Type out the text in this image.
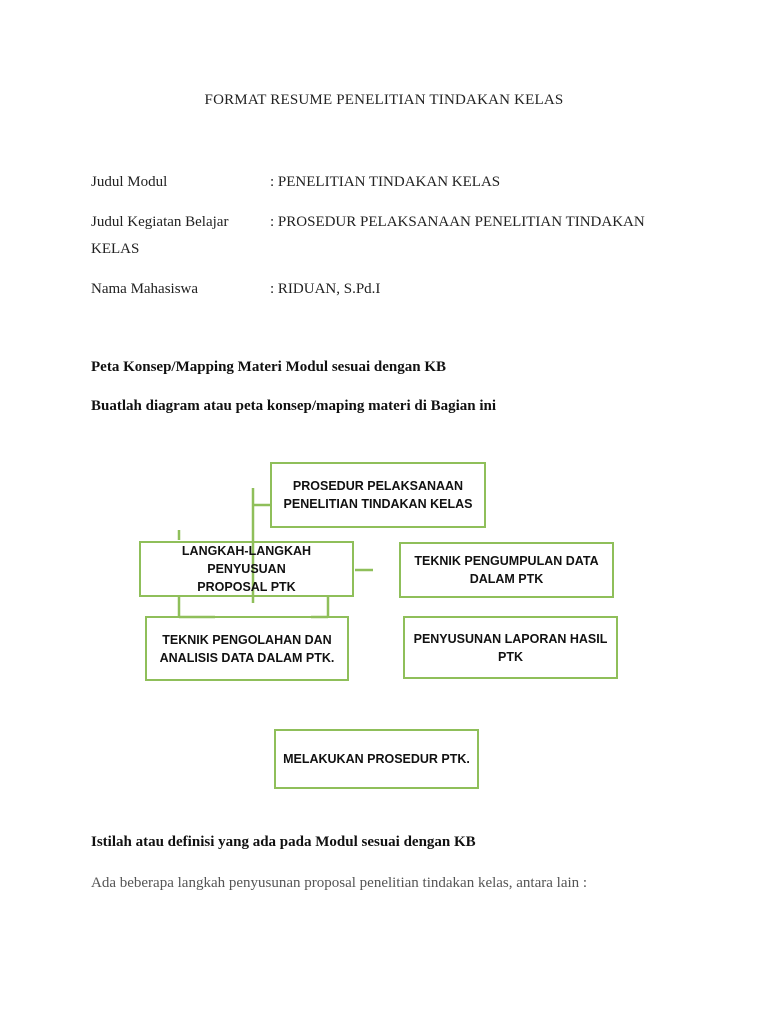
FORMAT RESUME PENELITIAN TINDAKAN KELAS
Judul Modul	: PENELITIAN TINDAKAN KELAS
Judul Kegiatan Belajar	: PROSEDUR PELAKSANAAN PENELITIAN TINDAKAN
KELAS
Nama Mahasiswa	: RIDUAN, S.Pd.I
Peta Konsep/Mapping Materi Modul sesuai dengan KB
Buatlah diagram atau peta konsep/maping materi di Bagian ini
PROSEDUR PELAKSANAAN
PENELITIAN TINDAKAN KELAS
LANGKAH-LANGKAH PENYUSUAN
PROPOSAL PTK
TEKNIK PENGUMPULAN DATA
DALAM PTK
TEKNIK PENGOLAHAN DAN
ANALISIS DATA DALAM PTK.
PENYUSUNAN LAPORAN HASIL
PTK
MELAKUKAN PROSEDUR PTK.
Istilah atau definisi yang ada pada Modul sesuai dengan KB
Ada beberapa langkah penyusunan proposal penelitian tindakan kelas, antara lain :
